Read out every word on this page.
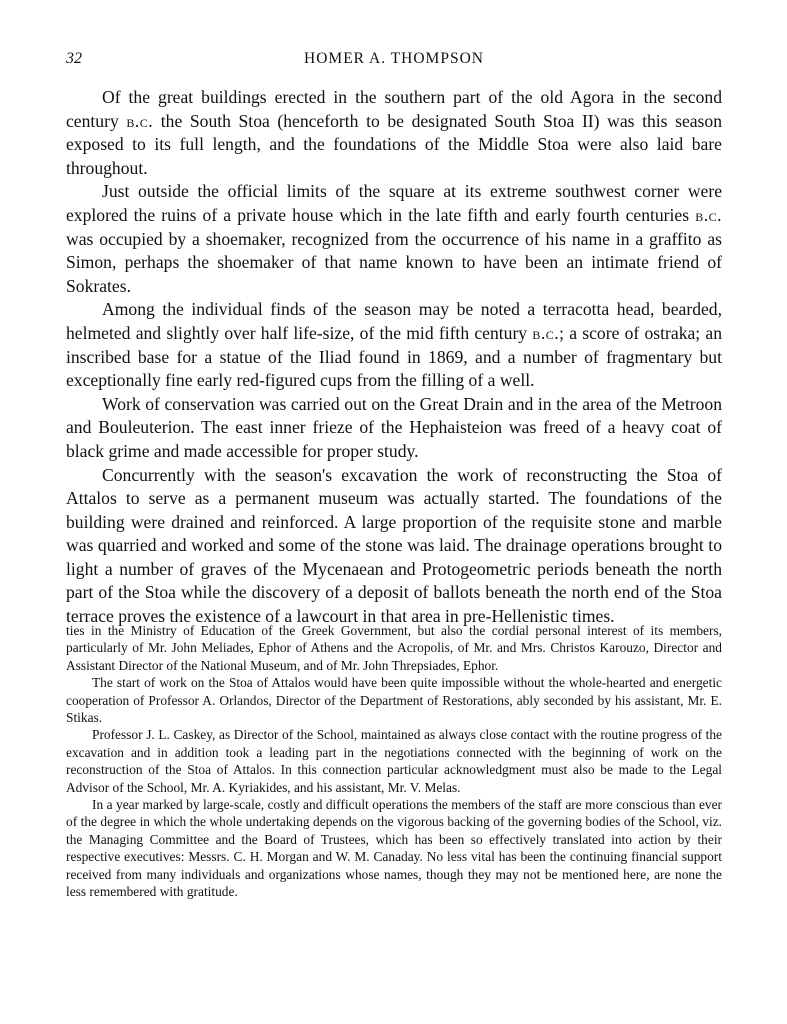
32	HOMER A. THOMPSON

Of the great buildings erected in the southern part of the old Agora in the second century b.c. the South Stoa (henceforth to be designated South Stoa II) was this season exposed to its full length, and the foundations of the Middle Stoa were also laid bare throughout.

Just outside the official limits of the square at its extreme southwest corner were explored the ruins of a private house which in the late fifth and early fourth centuries b.c. was occupied by a shoemaker, recognized from the occurrence of his name in a graffito as Simon, perhaps the shoemaker of that name known to have been an intimate friend of Sokrates.

Among the individual finds of the season may be noted a terracotta head, bearded, helmeted and slightly over half life-size, of the mid fifth century b.c.; a score of ostraka; an inscribed base for a statue of the Iliad found in 1869, and a number of fragmentary but exceptionally fine early red-figured cups from the filling of a well.

Work of conservation was carried out on the Great Drain and in the area of the Metroon and Bouleuterion. The east inner frieze of the Hephaisteion was freed of a heavy coat of black grime and made accessible for proper study.

Concurrently with the season's excavation the work of reconstructing the Stoa of Attalos to serve as a permanent museum was actually started. The foundations of the building were drained and reinforced. A large proportion of the requisite stone and marble was quarried and worked and some of the stone was laid. The drainage operations brought to light a number of graves of the Mycenaean and Protogeometric periods beneath the north part of the Stoa while the discovery of a deposit of ballots beneath the north end of the Stoa terrace proves the existence of a lawcourt in that area in pre-Hellenistic times.

ties in the Ministry of Education of the Greek Government, but also the cordial personal interest of its members, particularly of Mr. John Meliades, Ephor of Athens and the Acropolis, of Mr. and Mrs. Christos Karouzo, Director and Assistant Director of the National Museum, and of Mr. John Threpsiades, Ephor.

The start of work on the Stoa of Attalos would have been quite impossible without the whole-hearted and energetic cooperation of Professor A. Orlandos, Director of the Department of Restorations, ably seconded by his assistant, Mr. E. Stikas.

Professor J. L. Caskey, as Director of the School, maintained as always close contact with the routine progress of the excavation and in addition took a leading part in the negotiations connected with the beginning of work on the reconstruction of the Stoa of Attalos. In this connection particular acknowledgment must also be made to the Legal Advisor of the School, Mr. A. Kyriakides, and his assistant, Mr. V. Melas.

In a year marked by large-scale, costly and difficult operations the members of the staff are more conscious than ever of the degree in which the whole undertaking depends on the vigorous backing of the governing bodies of the School, viz. the Managing Committee and the Board of Trustees, which has been so effectively translated into action by their respective executives: Messrs. C. H. Morgan and W. M. Canaday. No less vital has been the continuing financial support received from many individuals and organizations whose names, though they may not be mentioned here, are none the less remembered with gratitude.
